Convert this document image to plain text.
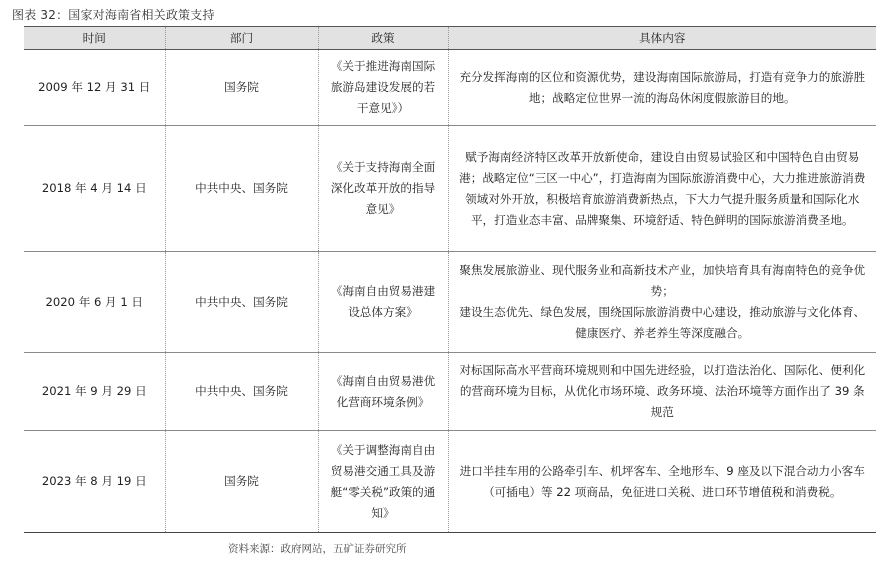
图表 32：国家对海南省相关政策支持
时间	部门	政策	具体内容
2009 年 12 月 31 日	国务院	《关于推进海南国际旅游岛建设发展的若干意见》）	充分发挥海南的区位和资源优势，建设海南国际旅游局，打造有竞争力的旅游胜地；战略定位世界一流的海岛休闲度假旅游目的地。

2018 年 4 月 14 日	中共中央、国务院	《关于支持海南全面深化改革开放的指导意见》	赋予海南经济特区改革开放新使命，建设自由贸易试验区和中国特色自由贸易港；战略定位“三区一中心”，打造海南为国际旅游消费中心，大力推进旅游消费领域对外开放，积极培育旅游消费新热点，下大力气提升服务质量和国际化水平，打造业态丰富、品牌聚集、环境舒适、特色鲜明的国际旅游消费圣地。

2020 年 6 月 1 日	中共中央、国务院	《海南自由贸易港建设总体方案》	聚焦发展旅游业、现代服务业和高新技术产业，加快培育具有海南特色的竞争优势；
建设生态优先、绿色发展，围绕国际旅游消费中心建设，推动旅游与文化体育、健康医疗、养老养生等深度融合。

2021 年 9 月 29 日	中共中央、国务院	《海南自由贸易港优化营商环境条例》	对标国际高水平营商环境规则和中国先进经验，以打造法治化、国际化、便利化的营商环境为目标，从优化市场环境、政务环境、法治环境等方面作出了 39 条规范

2023 年 8 月 19 日	国务院	《关于调整海南自由贸易港交通工具及游艇“零关税”政策的通知》	进口半挂车用的公路牵引车、机坪客车、全地形车、9 座及以下混合动力小客车（可插电）等 22 项商品，免征进口关税、进口环节增值税和消费税。
资料来源：政府网站，五矿证券研究所
